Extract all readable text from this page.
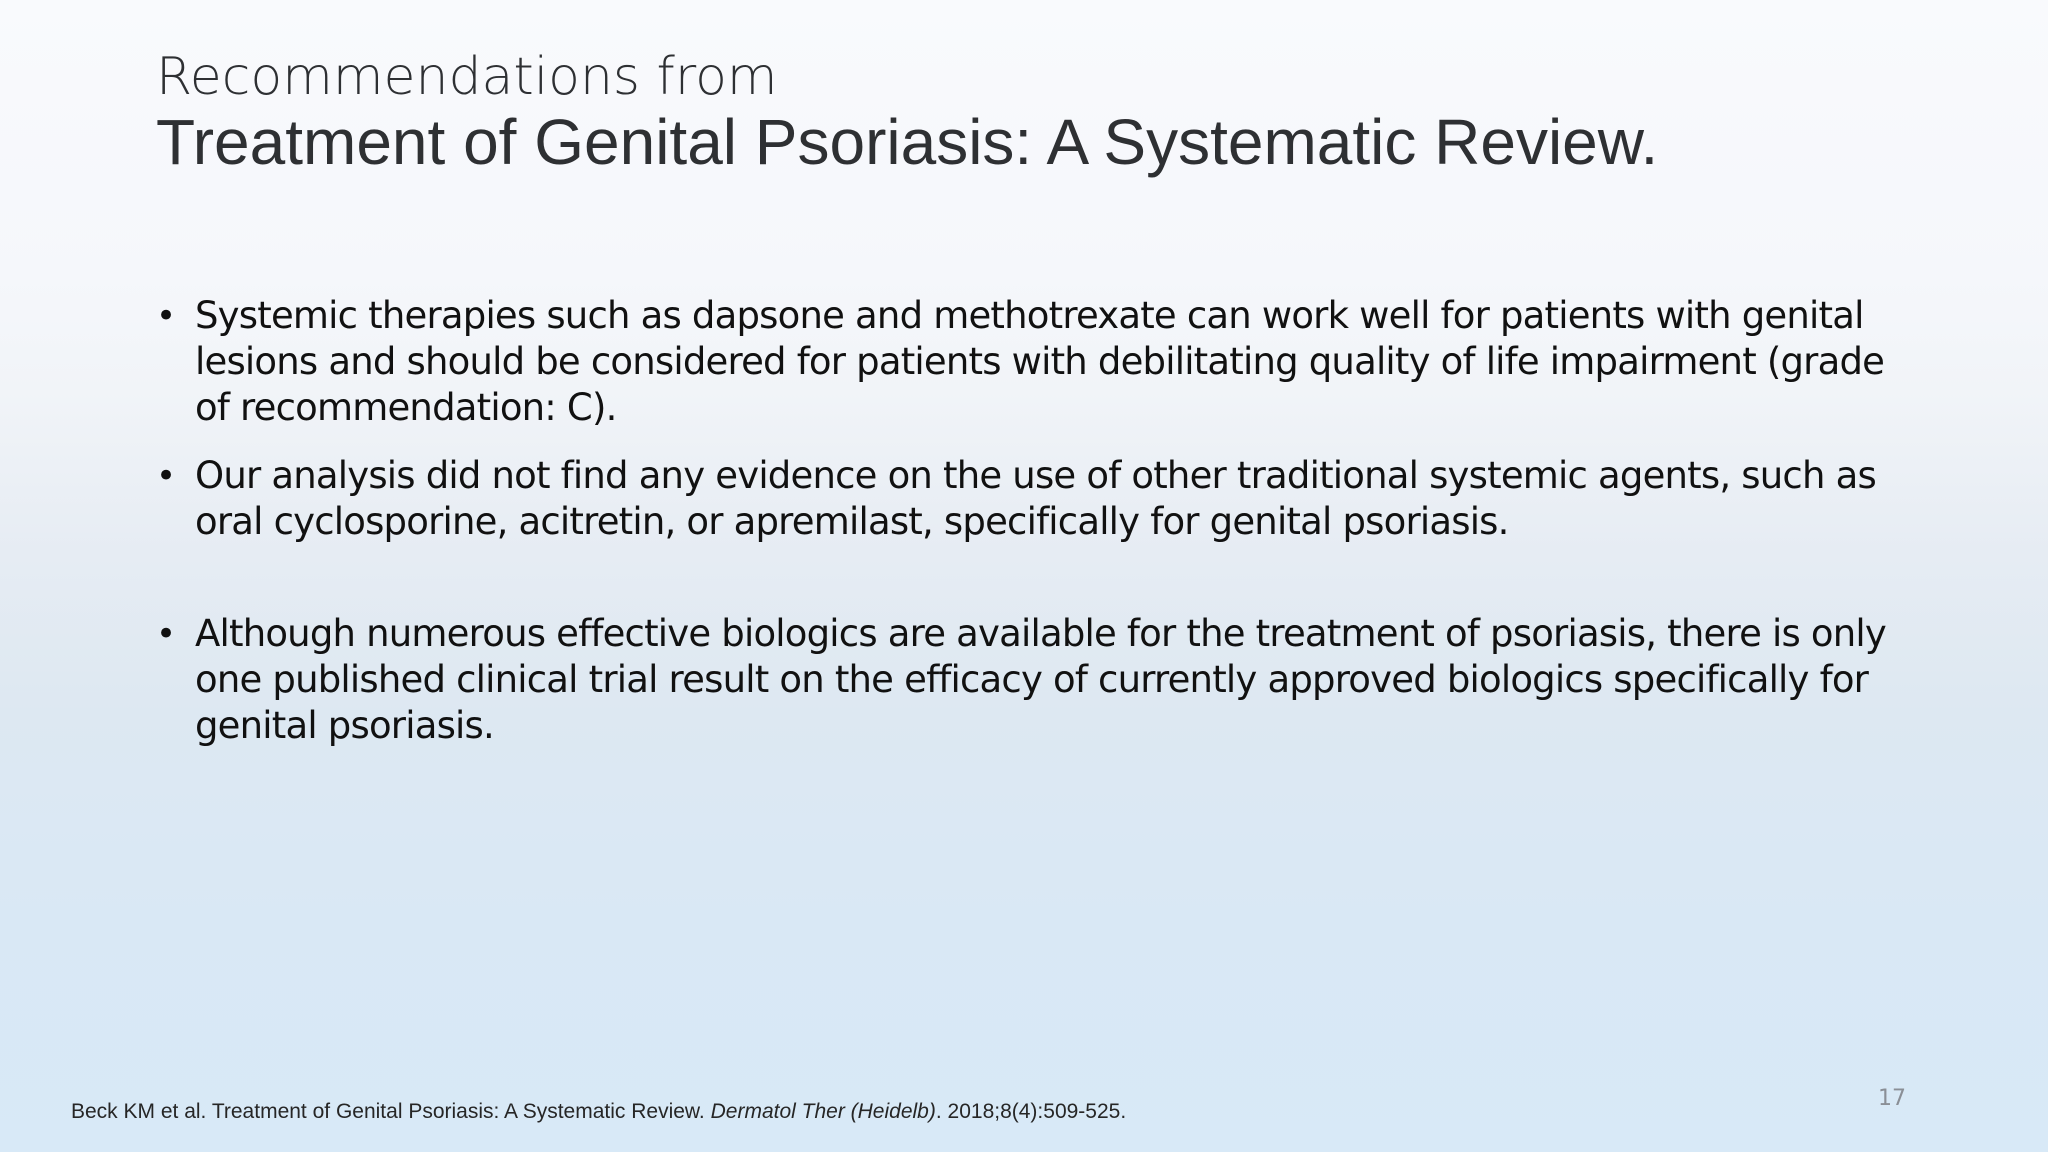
Recommendations from
Treatment of Genital Psoriasis: A Systematic Review.
• Systemic therapies such as dapsone and methotrexate can work well for patients with genital lesions and should be considered for patients with debilitating quality of life impairment (grade of recommendation: C).
• Our analysis did not find any evidence on the use of other traditional systemic agents, such as oral cyclosporine, acitretin, or apremilast, specifically for genital psoriasis.
• Although numerous effective biologics are available for the treatment of psoriasis, there is only one published clinical trial result on the efficacy of currently approved biologics specifically for genital psoriasis.
Beck KM et al. Treatment of Genital Psoriasis: A Systematic Review. Dermatol Ther (Heidelb). 2018;8(4):509-525.
17
